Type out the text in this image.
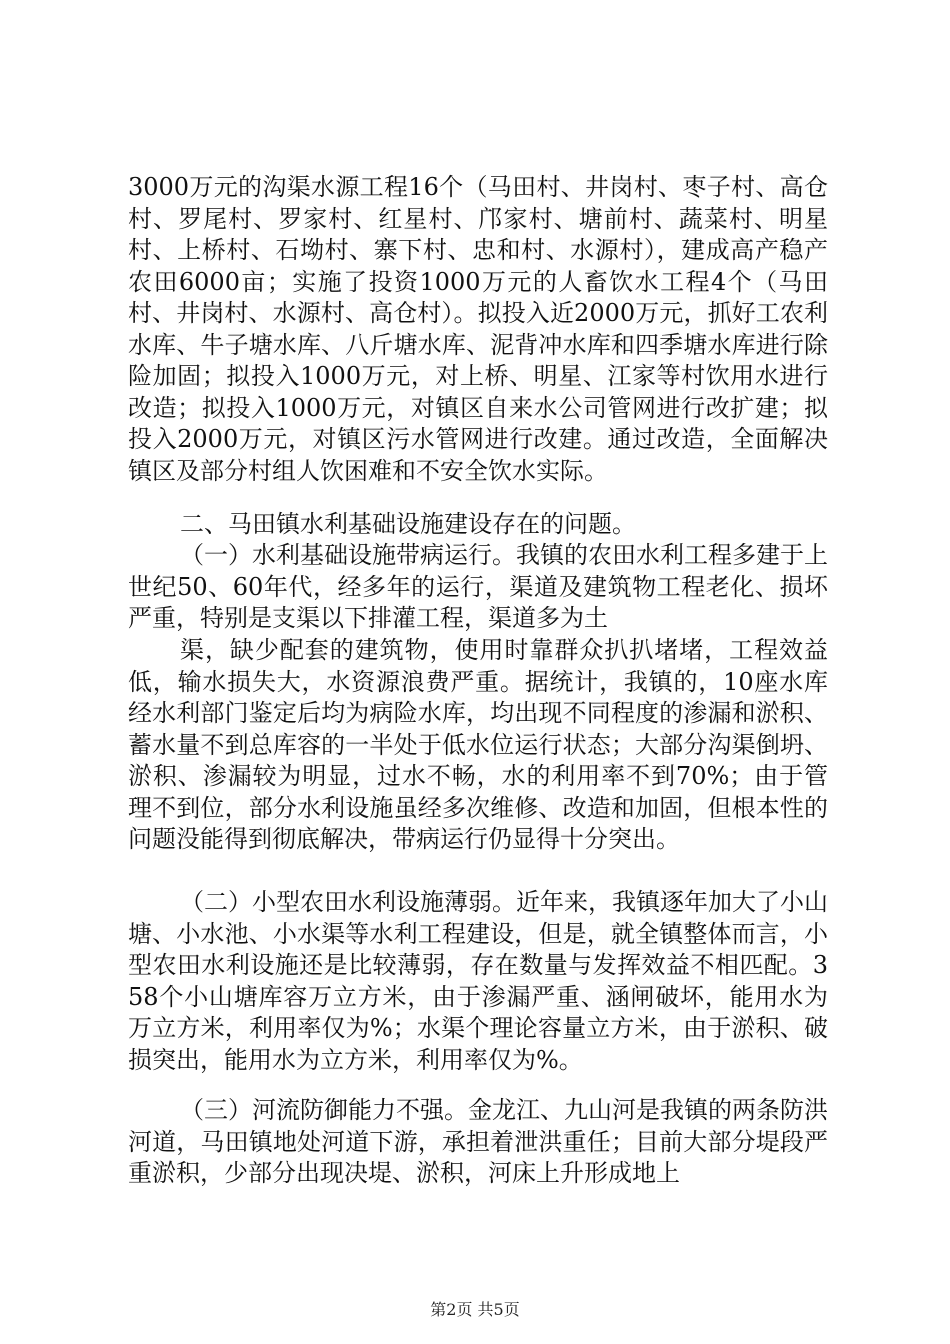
3000万元的沟渠水源工程16个（马田村、井岗村、枣子村、高仓村、罗尾村、罗家村、红星村、邝家村、塘前村、蔬菜村、明星村、上桥村、石坳村、寨下村、忠和村、水源村），建成高产稳产农田6000亩；实施了投资1000万元的人畜饮水工程4个（马田村、井岗村、水源村、高仓村）。拟投入近2000万元，抓好工农利水库、牛子塘水库、八斤塘水库、泥背冲水库和四季塘水库进行除险加固；拟投入1000万元，对上桥、明星、江家等村饮用水进行改造；拟投入1000万元，对镇区自来水公司管网进行改扩建；拟投入2000万元，对镇区污水管网进行改建。通过改造，全面解决镇区及部分村组人饮困难和不安全饮水实际。

二、马田镇水利基础设施建设存在的问题。

（一）水利基础设施带病运行。我镇的农田水利工程多建于上世纪50、60年代，经多年的运行，渠道及建筑物工程老化、损坏严重，特别是支渠以下排灌工程，渠道多为土

渠，缺少配套的建筑物，使用时靠群众扒扒堵堵，工程效益低，输水损失大，水资源浪费严重。据统计，我镇的，10座水库经水利部门鉴定后均为病险水库，均出现不同程度的渗漏和淤积、蓄水量不到总库容的一半处于低水位运行状态；大部分沟渠倒坍、淤积、渗漏较为明显，过水不畅，水的利用率不到70%；由于管理不到位，部分水利设施虽经多次维修、改造和加固，但根本性的问题没能得到彻底解决，带病运行仍显得十分突出。

（二）小型农田水利设施薄弱。近年来，我镇逐年加大了小山塘、小水池、小水渠等水利工程建设，但是，就全镇整体而言，小型农田水利设施还是比较薄弱，存在数量与发挥效益不相匹配。358个小山塘库容万立方米，由于渗漏严重、涵闸破坏，能用水为万立方米，利用率仅为%；水渠个理论容量立方米，由于淤积、破损突出，能用水为立方米，利用率仅为%。

（三）河流防御能力不强。金龙江、九山河是我镇的两条防洪河道，马田镇地处河道下游，承担着泄洪重任；目前大部分堤段严重淤积，少部分出现决堤、淤积，河床上升形成地上

第2页 共5页
